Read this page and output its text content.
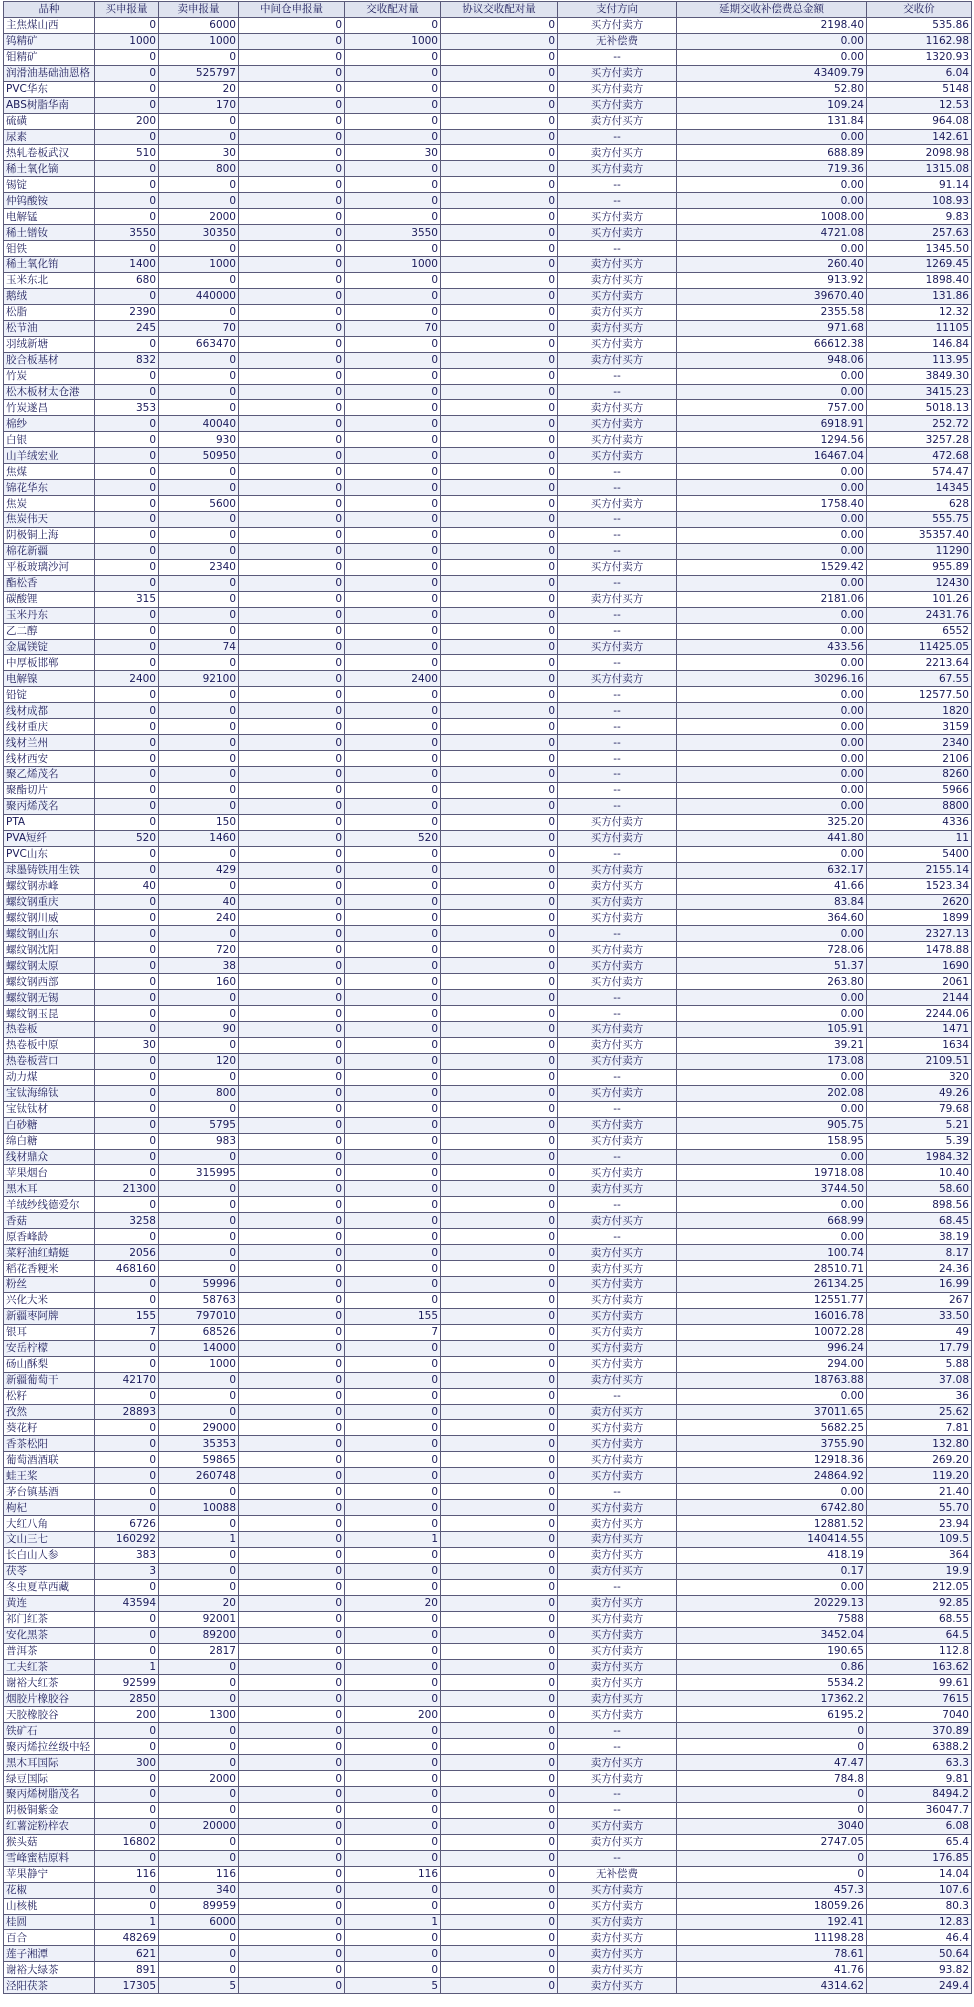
品种	买申报量	卖申报量	中间仓申报量	交收配对量	协议交收配对量	支付方向	延期交收补偿费总金额	交收价
主焦煤山西	0	6000	0	0	0	买方付卖方	2198.40	535.86
钨精矿	1000	1000	0	1000	0	无补偿费	0.00	1162.98
钼精矿	0	0	0	0	0	--	0.00	1320.93
润滑油基础油恩格	0	525797	0	0	0	买方付卖方	43409.79	6.04
PVC华东	0	20	0	0	0	买方付卖方	52.80	5148
ABS树脂华南	0	170	0	0	0	买方付卖方	109.24	12.53
硫磺	200	0	0	0	0	卖方付买方	131.84	964.08
尿素	0	0	0	0	0	--	0.00	142.61
热轧卷板武汉	510	30	0	30	0	卖方付买方	688.89	2098.98
稀土氧化镝	0	800	0	0	0	买方付卖方	719.36	1315.08
锡锭	0	0	0	0	0	--	0.00	91.14
仲钨酸铵	0	0	0	0	0	--	0.00	108.93
电解锰	0	2000	0	0	0	买方付卖方	1008.00	9.83
稀土镨钕	3550	30350	0	3550	0	买方付卖方	4721.08	257.63
钼铁	0	0	0	0	0	--	0.00	1345.50
稀土氧化铕	1400	1000	0	1000	0	卖方付买方	260.40	1269.45
玉米东北	680	0	0	0	0	卖方付买方	913.92	1898.40
鹅绒	0	440000	0	0	0	买方付卖方	39670.40	131.86
松脂	2390	0	0	0	0	卖方付买方	2355.58	12.32
松节油	245	70	0	70	0	卖方付买方	971.68	11105
羽绒新塘	0	663470	0	0	0	买方付卖方	66612.38	146.84
胶合板基材	832	0	0	0	0	卖方付买方	948.06	113.95
竹炭	0	0	0	0	0	--	0.00	3849.30
松木板材太仓港	0	0	0	0	0	--	0.00	3415.23
竹炭遂昌	353	0	0	0	0	卖方付买方	757.00	5018.13
棉纱	0	40040	0	0	0	买方付卖方	6918.91	252.72
白银	0	930	0	0	0	买方付卖方	1294.56	3257.28
山羊绒宏业	0	50950	0	0	0	买方付卖方	16467.04	472.68
焦煤	0	0	0	0	0	--	0.00	574.47
锦花华东	0	0	0	0	0	--	0.00	14345
焦炭	0	5600	0	0	0	买方付卖方	1758.40	628
焦炭伟天	0	0	0	0	0	--	0.00	555.75
阴极铜上海	0	0	0	0	0	--	0.00	35357.40
棉花新疆	0	0	0	0	0	--	0.00	11290
平板玻璃沙河	0	2340	0	0	0	买方付卖方	1529.42	955.89
酯松香	0	0	0	0	0	--	0.00	12430
碳酸锂	315	0	0	0	0	卖方付买方	2181.06	101.26
玉米丹东	0	0	0	0	0	--	0.00	2431.76
乙二醇	0	0	0	0	0	--	0.00	6552
金属镁锭	0	74	0	0	0	买方付卖方	433.56	11425.05
中厚板邯郸	0	0	0	0	0	--	0.00	2213.64
电解镍	2400	92100	0	2400	0	买方付卖方	30296.16	67.55
铅锭	0	0	0	0	0	--	0.00	12577.50
线材成都	0	0	0	0	0	--	0.00	1820
线材重庆	0	0	0	0	0	--	0.00	3159
线材兰州	0	0	0	0	0	--	0.00	2340
线材西安	0	0	0	0	0	--	0.00	2106
聚乙烯茂名	0	0	0	0	0	--	0.00	8260
聚酯切片	0	0	0	0	0	--	0.00	5966
聚丙烯茂名	0	0	0	0	0	--	0.00	8800
PTA	0	150	0	0	0	买方付卖方	325.20	4336
PVA短纤	520	1460	0	520	0	买方付卖方	441.80	11
PVC山东	0	0	0	0	0	--	0.00	5400
球墨铸铁用生铁	0	429	0	0	0	买方付卖方	632.17	2155.14
螺纹钢赤峰	40	0	0	0	0	卖方付买方	41.66	1523.34
螺纹钢重庆	0	40	0	0	0	买方付卖方	83.84	2620
螺纹钢川威	0	240	0	0	0	买方付卖方	364.60	1899
螺纹钢山东	0	0	0	0	0	--	0.00	2327.13
螺纹钢沈阳	0	720	0	0	0	买方付卖方	728.06	1478.88
螺纹钢太原	0	38	0	0	0	买方付卖方	51.37	1690
螺纹钢西部	0	160	0	0	0	买方付卖方	263.80	2061
螺纹钢无锡	0	0	0	0	0	--	0.00	2144
螺纹钢玉昆	0	0	0	0	0	--	0.00	2244.06
热卷板	0	90	0	0	0	买方付卖方	105.91	1471
热卷板中原	30	0	0	0	0	卖方付买方	39.21	1634
热卷板营口	0	120	0	0	0	买方付卖方	173.08	2109.51
动力煤	0	0	0	0	0	--	0.00	320
宝钛海绵钛	0	800	0	0	0	买方付卖方	202.08	49.26
宝钛钛材	0	0	0	0	0	--	0.00	79.68
白砂糖	0	5795	0	0	0	买方付卖方	905.75	5.21
绵白糖	0	983	0	0	0	买方付卖方	158.95	5.39
线材鼎众	0	0	0	0	0	--	0.00	1984.32
苹果烟台	0	315995	0	0	0	买方付卖方	19718.08	10.40
黑木耳	21300	0	0	0	0	卖方付买方	3744.50	58.60
羊绒纱线德爱尔	0	0	0	0	0	--	0.00	898.56
香菇	3258	0	0	0	0	卖方付买方	668.99	68.45
原香峰龄	0	0	0	0	0	--	0.00	38.19
菜籽油红蜻蜓	2056	0	0	0	0	卖方付买方	100.74	8.17
稻花香粳米	468160	0	0	0	0	卖方付买方	28510.71	24.36
粉丝	0	59996	0	0	0	买方付卖方	26134.25	16.99
兴化大米	0	58763	0	0	0	买方付卖方	12551.77	267
新疆枣阿牌	155	797010	0	155	0	买方付卖方	16016.78	33.50
银耳	7	68526	0	7	0	买方付卖方	10072.28	49
安岳柠檬	0	14000	0	0	0	买方付卖方	996.24	17.79
砀山酥梨	0	1000	0	0	0	买方付卖方	294.00	5.88
新疆葡萄干	42170	0	0	0	0	卖方付买方	18763.88	37.08
松籽	0	0	0	0	0	--	0.00	36
孜然	28893	0	0	0	0	卖方付买方	37011.65	25.62
葵花籽	0	29000	0	0	0	买方付卖方	5682.25	7.81
香茶松阳	0	35353	0	0	0	买方付卖方	3755.90	132.80
葡萄酒酒联	0	59865	0	0	0	买方付卖方	12918.36	269.20
蛙王桨	0	260748	0	0	0	买方付卖方	24864.92	119.20
茅台镇基酒	0	0	0	0	0	--	0.00	21.40
枸杞	0	10088	0	0	0	买方付卖方	6742.80	55.70
大红八角	6726	0	0	0	0	卖方付买方	12881.52	23.94
文山三七	160292	1	0	1	0	卖方付买方	140414.55	109.5
长白山人参	383	0	0	0	0	卖方付买方	418.19	364
茯苓	3	0	0	0	0	卖方付买方	0.17	19.9
冬虫夏草西藏	0	0	0	0	0	--	0.00	212.05
黄连	43594	20	0	20	0	卖方付买方	20229.13	92.85
祁门红茶	0	92001	0	0	0	买方付卖方	7588	68.55
安化黑茶	0	89200	0	0	0	买方付卖方	3452.04	64.5
普洱茶	0	2817	0	0	0	买方付卖方	190.65	112.8
工夫红茶	1	0	0	0	0	卖方付买方	0.86	163.62
谢裕大红茶	92599	0	0	0	0	卖方付买方	5534.2	99.61
烟胶片橡胶谷	2850	0	0	0	0	卖方付买方	17362.2	7615
天胶橡胶谷	200	1300	0	200	0	买方付卖方	6195.2	7040
铁矿石	0	0	0	0	0	--	0	370.89
聚丙烯拉丝级中轻	0	0	0	0	0	--	0	6388.2
黑木耳国际	300	0	0	0	0	卖方付买方	47.47	63.3
绿豆国际	0	2000	0	0	0	买方付卖方	784.8	9.81
聚丙烯树脂茂名	0	0	0	0	0	--	0	8494.2
阴极铜紫金	0	0	0	0	0	--	0	36047.7
红薯淀粉梓农	0	20000	0	0	0	买方付卖方	3040	6.08
猴头菇	16802	0	0	0	0	卖方付买方	2747.05	65.4
雪峰蜜桔原料	0	0	0	0	0	--	0	176.85
苹果静宁	116	116	0	116	0	无补偿费	0	14.04
花椒	0	340	0	0	0	买方付卖方	457.3	107.6
山核桃	0	89959	0	0	0	买方付卖方	18059.26	80.3
桂圆	1	6000	0	1	0	买方付卖方	192.41	12.83
百合	48269	0	0	0	0	卖方付买方	11198.28	46.4
莲子湘潭	621	0	0	0	0	卖方付买方	78.61	50.64
谢裕大绿茶	891	0	0	0	0	卖方付买方	41.76	93.82
泾阳茯茶	17305	5	0	5	0	卖方付买方	4314.62	249.4
